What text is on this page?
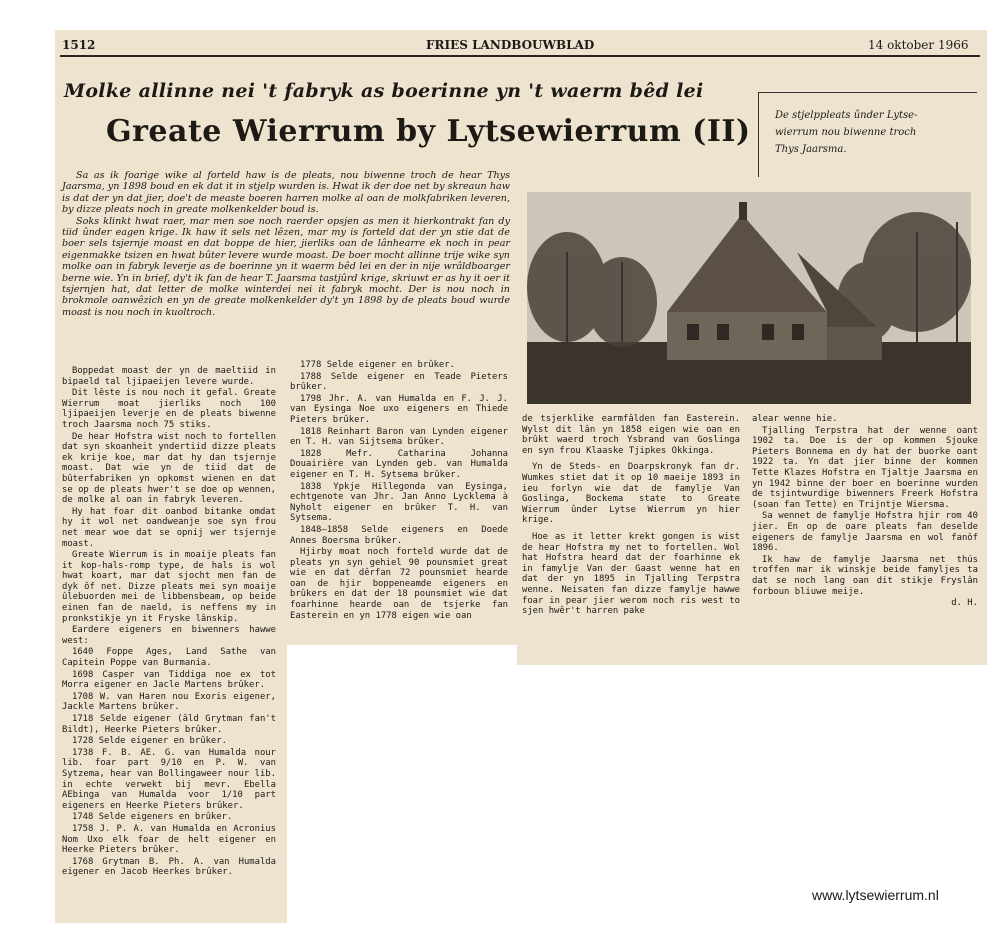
1512	FRIES LANDBOUWBLAD	14 oktober 1966
Molke allinne nei 't fabryk as boerinne yn 't waerm bêd lei
Greate Wierrum by Lytsewierrum (II) De stjelppleats ûnder Lytse-
wierrum nou biwenne troch
Thys Jaarsma.

Sa as ik foarige wike al forteld haw is de pleats, nou biwenne troch de hear Thys Jaarsma, yn 1898 boud en ek dat it in stjelp wurden is. Hwat ik der doe net by skreaun haw is dat der yn dat jier, doe't de measte boeren harren molke al oan de molkfabriken leveren, by dizze pleats noch in greate molkenkelder boud is.

Soks klinkt hwat raer, mar men soe noch raerder opsjen as men it hierkontrakt fan dy tiid ûnder eagen krige. Ik haw it sels net lêzen, mar my is forteld dat der yn stie dat de boer sels tsjernje moast en dat boppe de hier, jierliks oan de lânhearre ek noch in pear eigenmakke tsizen en hwat bûter levere wurde moast. De boer mocht allinne trije wike syn molke oan in fabryk leverje as de boerinne yn it waerm bêd lei en der in nije wrâldboarger berne wie. Yn in brief, dy't ik fan de hear T. Jaarsma tastjûrd krige, skriuwt er as hy it oer it tsjernjen hat, dat letter de molke winterdei nei it fabryk mocht. Der is nou noch in brokmole oanwêzich en yn de greate molkenkelder dy't yn 1898 by de pleats boud wurde moast is nou noch in kuoltroch.

Boppedat moast der yn de maeltiid in bipaeld tal ljipaeijen levere wurde.

Dit lêste is nou noch it gefal. Greate Wierrum moat jierliks noch 100 ljipaeijen leverje en de pleats biwenne troch Jaarsma noch 75 stiks.

De hear Hofstra wist noch to fortellen dat syn skoanheit yndertiid dizze pleats ek krije koe, mar dat hy dan tsjernje moast. Dat wie yn de tiid dat de bûterfabriken yn opkomst wienen en dat se op de pleats hwer't se doe op wennen, de molke al oan in fabryk leveren.

Hy hat foar dit oanbod bitankе omdat hy it wol net oandweanje soe syn frou net mear woe dat se opnij wer tsjernje moast.

Greate Wierrum is in moaije pleats fan it kop-hals-romp type, de hals is wol hwat koart, mar dat sjocht men fan de dyk ôf net. Dizze pleats mei syn moaije ûlebuorden mei de libbensbeam, op beide einen fan de naeld, is neffens my in pronkstikje yn it Fryske lânskip.

Eardere eigeners en biwenners hawwe west:

1640 Foppe Ages, Land Sathe van Capitein Poppe van Burmania.

1698 Casper van Tiddiga noe ex tot Morra eigener en Jacle Martens brûker.

1708 W. van Haren nou Exoris eigener, Jackle Martens brûker.

1718 Selde eigener (âld Grytman fan't Bildt), Heerke Pieters brûker.

1728 Selde eigener en brûker.

1738 F. B. AE. G. van Humalda nour lib. foar part 9/10 en P. W. van Sytzema, hear van Bollingaweer nour lib. in echte verwekt bij mevr. Ebella AEbinga van Humalda voor 1/10 part eigeners en Heerke Pieters brûker.

1748 Selde eigeners en brûker.

1758 J. P. A. van Humalda en Acronius Nom Uxo elk foar de helt eigener en Heerke Pieters brûker.

1768 Grytman B. Ph. A. van Humalda eigener en Jacob Heerkes brûker.

1778 Selde eigener en brûker.

1788 Selde eigener en Teade Pieters brûker.

1798 Jhr. A. van Humalda en F. J. J. van Eysinga Noe uxo eigeners en Thiede Pieters brûker.

1818 Reinhart Baron van Lynden eigener en T. H. van Sijtsema brûker.

1828 Mefr. Catharina Johanna Douairière van Lynden geb. van Humalda eigener en T. H. Sytsema brûker.

1838 Ypkje Hillegonda van Eysinga, echtgenote van Jhr. Jan Anno Lycklema à Nyholt eigener en brûker T. H. van Sytsema.

1848—1858 Selde eigeners en Doede Annes Boersma brûker.

Hjirby moat noch forteld wurde dat de pleats yn syn gehiel 90 pounsmiet great wie en dat dêrfan 72 pounsmiet hearde oan de hjir boppeneamde eigeners en brûkers en dat der 18 pounsmiet wie dat foarhinne hearde oan de tsjerke fan Easterein en yn 1778 eigen wie oan

de tsjerklike earmfâlden fan Easterein. Wylst dit lân yn 1858 eigen wie oan en brûkt waerd troch Ysbrand van Goslinga en syn frou Klaaske Tjipkes Okkinga.

Yn de Steds- en Doarpskronyk fan dr. Wumkes stiet dat it op 10 maeije 1893 in ieu forlyn wie dat de famylje Van Goslinga, Bockema state to Greate Wierrum ûnder Lytse Wierrum yn hier krige.

Hoe as it letter krekt gongen is wist de hear Hofstra my net to fortellen. Wol hat Hofstra heard dat der foarhinne ek in famylje Van der Gaast wenne hat en dat der yn 1895 in Tjalling Terpstra wenne. Neisaten fan dizze famylje hawwe foar in pear jier werom noch ris west to sjen hwêr't harren pake

alear wenne hie.

Tjalling Terpstra hat der wenne oant 1902 ta. Doe is der op kommen Sjouke Pieters Bonnema en dy hat der buorke oant 1922 ta. Yn dat jier binne der kommen Tette Klazes Hofstra en Tjaltje Jaarsma en yn 1942 binne der boer en boerinne wurden de tsjintwurdige biwenners Freerk Hofstra (soan fan Tette) en Trijntje Wiersma.

Sa wennet de famylje Hofstra hjir rom 40 jier. En op de oare pleats fan deselde eigeners de famylje Jaarsma en wol fanôf 1896.

Ik haw de famylje Jaarsma net thús troffen mar ik winskje beide famyljes ta dat se noch lang oan dit stikje Fryslân forboun bliuwe meije.

d. H.

www.lytsewierrum.nl
